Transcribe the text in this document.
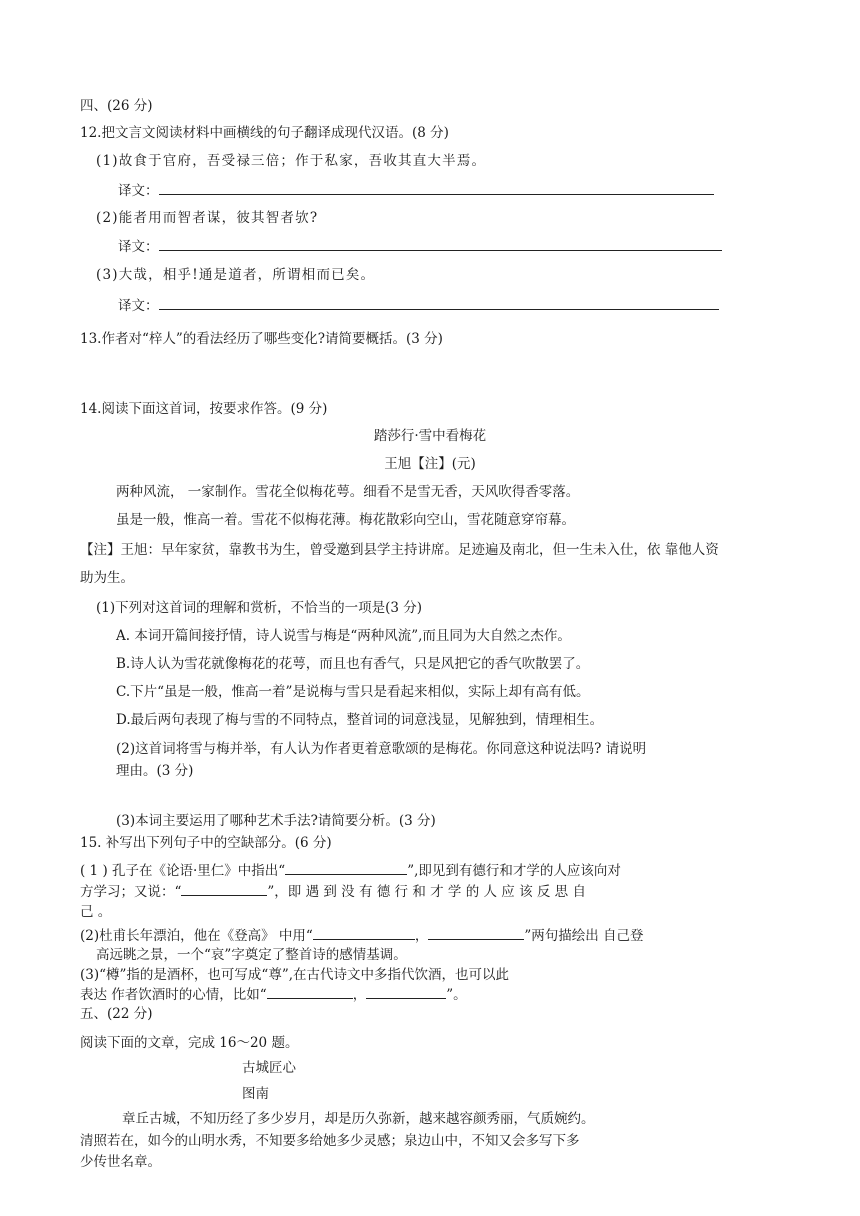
四、(26 分)
12.把文言文阅读材料中画横线的句子翻译成现代汉语。(8 分)
(1)故食于官府，吾受禄三倍；作于私家，吾收其直大半焉。
译文：
(2)能者用而智者谋，彼其智者欤?
译文：
(3)大哉，相乎!通是道者，所谓相而已矣。
译文：
13.作者对“梓人”的看法经历了哪些变化?请简要概括。(3 分)
14.阅读下面这首词，按要求作答。(9 分)
踏莎行·雪中看梅花
王旭【注】(元)
两种风流， 一家制作。雪花全似梅花萼。细看不是雪无香，天风吹得香零落。
虽是一般，惟高一着。雪花不似梅花薄。梅花散彩向空山，雪花随意穿帘幕。
【注】王旭：早年家贫，靠教书为生，曾受邀到县学主持讲席。足迹遍及南北，但一生未入仕，依 靠他人资
助为生。
(1)下列对这首词的理解和赏析，不恰当的一项是(3 分)
A. 本词开篇间接抒情，诗人说雪与梅是“两种风流”,而且同为大自然之杰作。
B.诗人认为雪花就像梅花的花萼，而且也有香气，只是风把它的香气吹散罢了。
C.下片“虽是一般，惟高一着”是说梅与雪只是看起来相似，实际上却有高有低。
D.最后两句表现了梅与雪的不同特点，整首词的词意浅显，见解独到，情理相生。
(2)这首词将雪与梅并举，有人认为作者更着意歌颂的是梅花。你同意这种说法吗? 请说明
理由。(3 分)
(3)本词主要运用了哪种艺术手法?请简要分析。(3 分)
15. 补写出下列句子中的空缺部分。(6 分)
( 1 ) 孔子在《论语·里仁》中指出“	”,即见到有德行和才学的人应该向对
方学习；又说：“	”，即 遇 到 没 有 德 行 和 才 学 的 人 应 该 反 思 自
己 。
(2)杜甫长年漂泊，他在《登高》 中用“	，	”两句描绘出 自己登
高远眺之景，一个“哀”字奠定了整首诗的感情基调。
(3)“樽”指的是酒杯，也可写成“尊”,在古代诗文中多指代饮酒，也可以此
表达 作者饮酒时的心情，比如“	，	”。
五、(22 分)
阅读下面的文章，完成 16～20 题。
古城匠心
图南
章丘古城，不知历经了多少岁月，却是历久弥新，越来越容颜秀丽，气质婉约。
清照若在，如今的山明水秀，不知要多给她多少灵感；泉边山中，不知又会多写下多
少传世名章。
